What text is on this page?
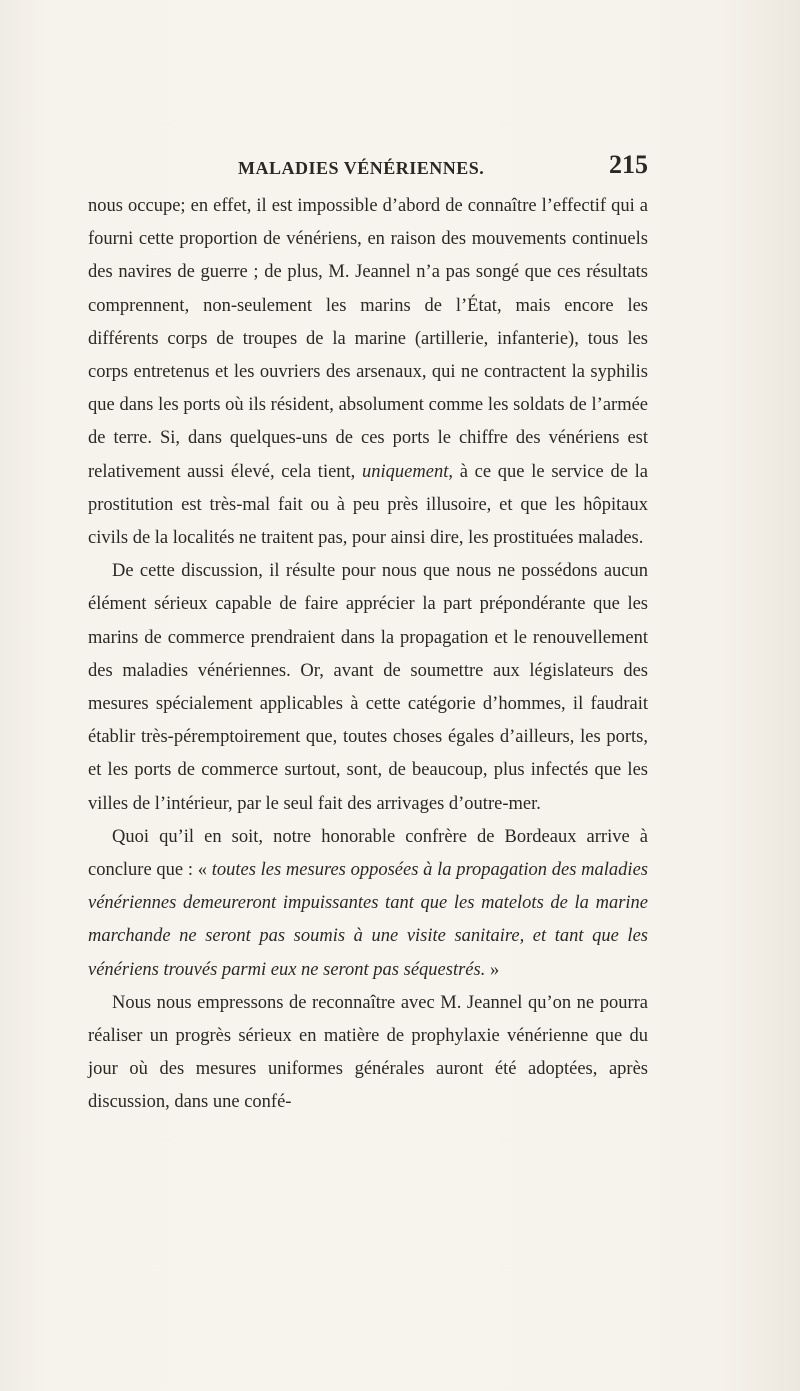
MALADIES VÉNÉRIENNES.	215

nous occupe; en effet, il est impossible d’abord de connaître l’effectif qui a fourni cette proportion de vénériens, en raison des mouvements continuels des navires de guerre ; de plus, M. Jeannel n’a pas songé que ces résultats comprennent, non-seulement les marins de l’État, mais encore les différents corps de troupes de la marine (artillerie, infanterie), tous les corps entretenus et les ouvriers des arsenaux, qui ne contractent la syphilis que dans les ports où ils résident, absolument comme les soldats de l’armée de terre. Si, dans quelques-uns de ces ports le chiffre des vénériens est relativement aussi élevé, cela tient, uniquement, à ce que le service de la prostitution est très-mal fait ou à peu près illusoire, et que les hôpitaux civils de la localités ne traitent pas, pour ainsi dire, les prostituées malades.

De cette discussion, il résulte pour nous que nous ne possédons aucun élément sérieux capable de faire apprécier la part prépondérante que les marins de commerce prendraient dans la propagation et le renouvellement des maladies vénériennes. Or, avant de soumettre aux législateurs des mesures spécialement applicables à cette catégorie d’hommes, il faudrait établir très-péremptoirement que, toutes choses égales d’ailleurs, les ports, et les ports de commerce surtout, sont, de beaucoup, plus infectés que les villes de l’intérieur, par le seul fait des arrivages d’outre-mer.

Quoi qu’il en soit, notre honorable confrère de Bordeaux arrive à conclure que : « toutes les mesures opposées à la propagation des maladies vénériennes demeureront impuissantes tant que les matelots de la marine marchande ne seront pas soumis à une visite sanitaire, et tant que les vénériens trouvés parmi eux ne seront pas séquestrés. »

Nous nous empressons de reconnaître avec M. Jeannel qu’on ne pourra réaliser un progrès sérieux en matière de prophylaxie vénérienne que du jour où des mesures uniformes générales auront été adoptées, après discussion, dans une confé-
